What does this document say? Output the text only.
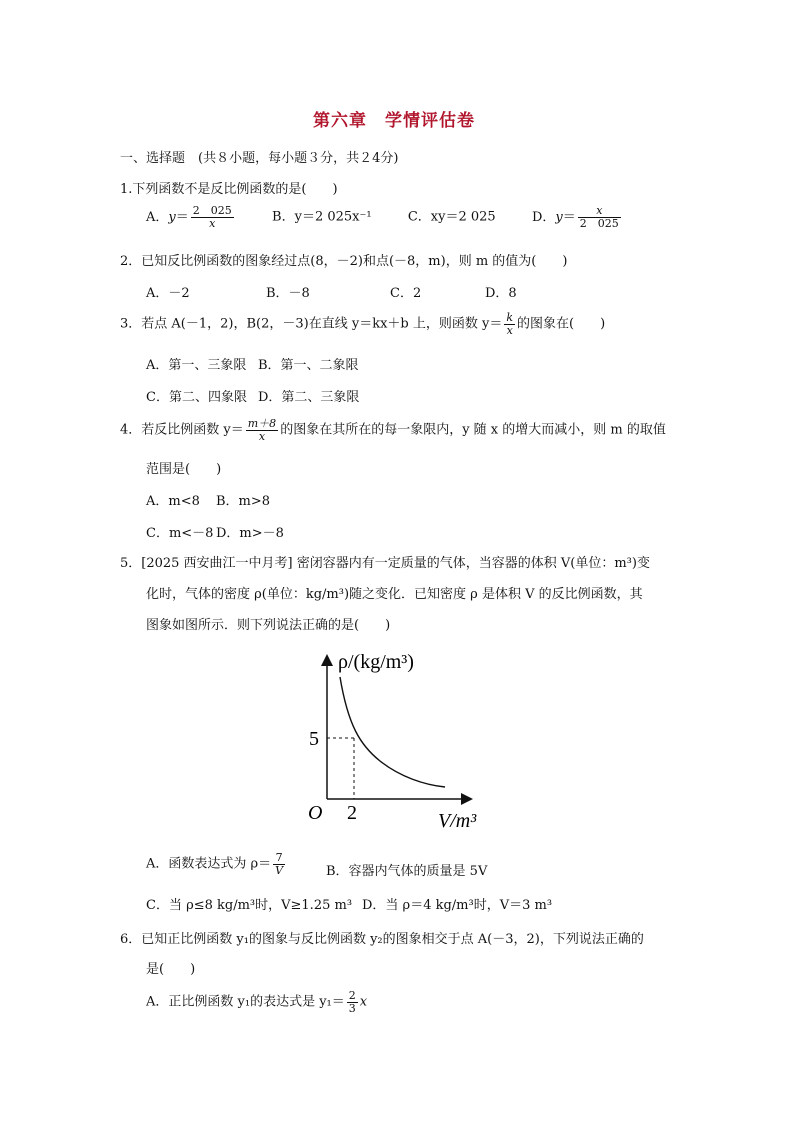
第六章　学情评估卷
一、选择题　(共８小题，每小题３分，共２4分)
1.下列函数不是反比例函数的是(　　)
A．$y= \frac{2 025}{x}$	B．y＝2 025x⁻¹	C．xy＝2 025	D．$y= \frac{x}{2 025}$
2．已知反比例函数的图象经过点(8，－2)和点(－8，m)，则 m 的值为(　　)
A．－2	B．－8	C．2	D．8
3．若点 A(－1，2)，B(2，－3)在直线 y＝kx＋b 上，则函数 $y= \frac{k}{x}$ 的图象在(　　)
A．第一、三象限 B．第一、二象限
C．第二、四象限 D．第二、三象限
4．若反比例函数 $y= \frac{m+8}{x}$ 的图象在其所在的每一象限内，y 随 x 的增大而减小，则 m 的取值
范围是(　　)
A．m<8 B．m>8
C．m<－8 D．m>－8
5．[2025 西安曲江一中月考] 密闭容器内有一定质量的气体，当容器的体积 V(单位：m³)变
化时，气体的密度 ρ(单位：kg/m³)随之变化．已知密度 ρ 是体积 V 的反比例函数，其
图象如图所示．则下列说法正确的是(　　)
ρ/(kg/m³)
V/m³
O
5
2
A．函数表达式为 $\rho= \frac{7}{V}$	B．容器内气体的质量是 5V
C．当 ρ≤8 kg/m³时，V≥1.25 m³ D．当 ρ＝4 kg/m³时，V＝3 m³
6．已知正比例函数 y₁的图象与反比例函数 y₂的图象相交于点 A(－3，2)，下列说法正确的
是(　　)
A．正比例函数 y₁的表达式是 $y_1= \frac{2}{3}$ x
